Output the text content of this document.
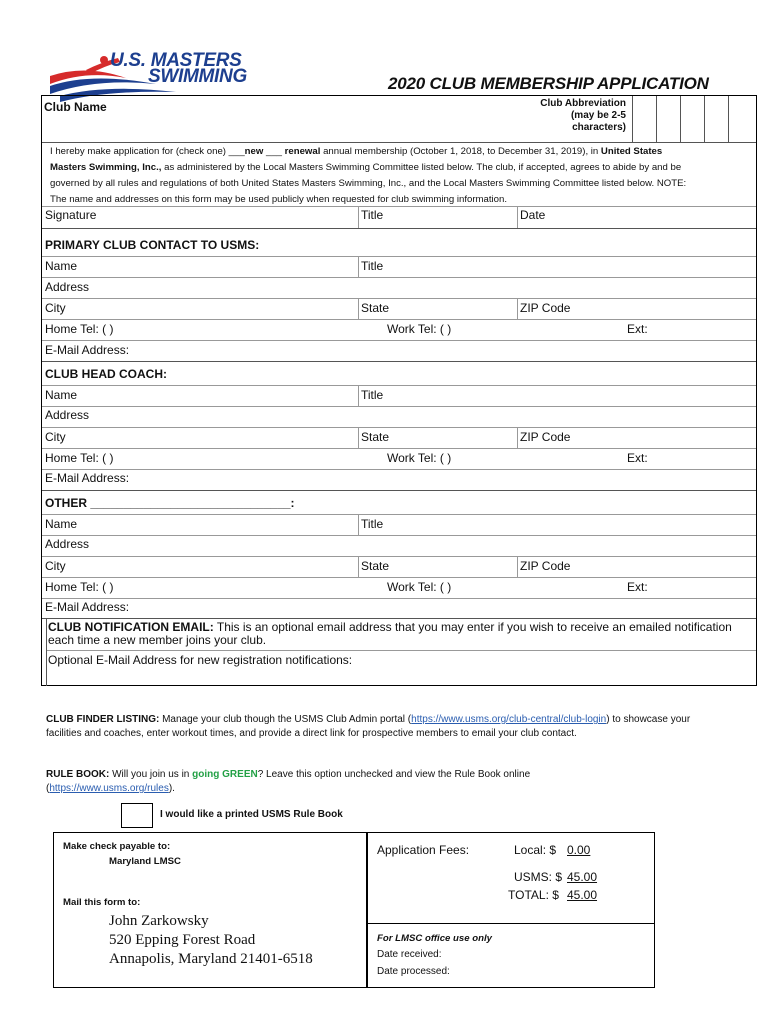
U.S. MASTERS
SWIMMING	2020 CLUB MEMBERSHIP APPLICATION
Club Name	Club Abbreviation (may be 2-5 characters)
I hereby make application for (check one) ___new ___ renewal annual membership (October 1, 2018, to December 31, 2019), in United States Masters Swimming, Inc., as administered by the Local Masters Swimming Committee listed below. The club, if accepted, agrees to abide by and be governed by all rules and regulations of both United States Masters Swimming, Inc., and the Local Masters Swimming Committee listed below. NOTE: The name and addresses on this form may be used publicly when requested for club swimming information.
Signature	Title	Date
PRIMARY CLUB CONTACT TO USMS:
Name	Title
Address
City	State	ZIP Code
Home Tel: ( )	Work Tel: ( )	Ext:
E-Mail Address:
CLUB HEAD COACH:
Name	Title
Address
City	State	ZIP Code
Home Tel: ( )	Work Tel: ( )	Ext:
E-Mail Address:
OTHER ______________________________:
Name	Title
Address
City	State	ZIP Code
Home Tel: ( )	Work Tel: ( )	Ext:
E-Mail Address:
CLUB NOTIFICATION EMAIL: This is an optional email address that you may enter if you wish to receive an emailed notification each time a new member joins your club.
Optional E-Mail Address for new registration notifications:
CLUB FINDER LISTING: Manage your club though the USMS Club Admin portal (https://www.usms.org/club-central/club-login) to showcase your facilities and coaches, enter workout times, and provide a direct link for prospective members to email your club contact.
RULE BOOK: Will you join us in going GREEN? Leave this option unchecked and view the Rule Book online (https://www.usms.org/rules).
I would like a printed USMS Rule Book
Make check payable to:
Maryland LMSC
Mail this form to:
John Zarkowsky
520 Epping Forest Road
Annapolis, Maryland 21401-6518
Application Fees:	Local: $ 0.00
USMS: $ 45.00
TOTAL: $ 45.00
For LMSC office use only
Date received:
Date processed:
